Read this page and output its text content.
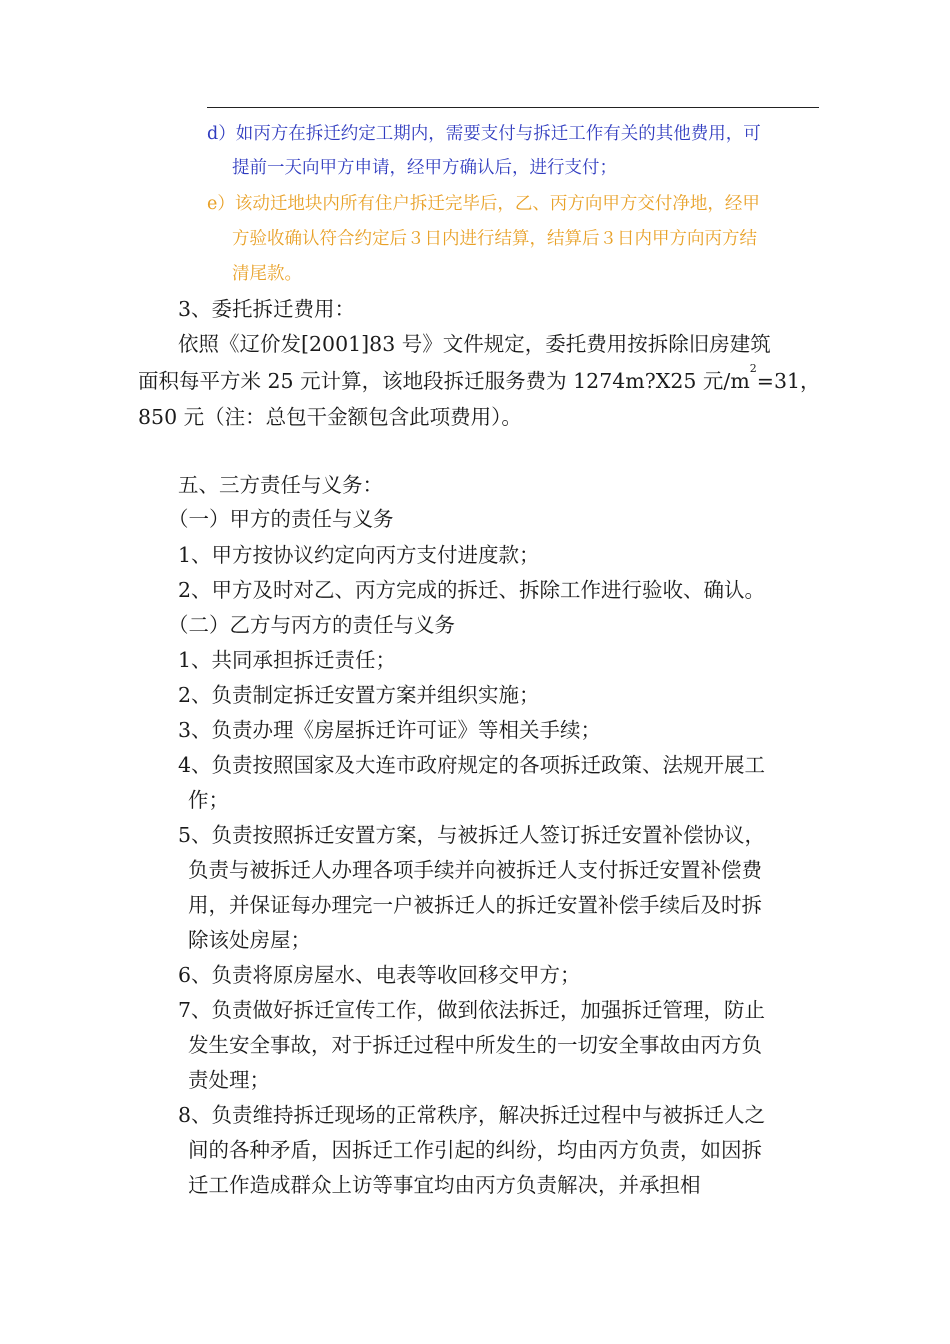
d）如丙方在拆迁约定工期内，需要支付与拆迁工作有关的其他费用，可
提前一天向甲方申请，经甲方确认后，进行支付；
e）该动迁地块内所有住户拆迁完毕后，乙、丙方向甲方交付净地，经甲
方验收确认符合约定后３日内进行结算，结算后３日内甲方向丙方结
清尾款。
3、委托拆迁费用：
依照《辽价发[2001]83 号》文件规定，委托费用按拆除旧房建筑
面积每平方米 25 元计算，该地段拆迁服务费为 1274m?X25 元$/m^2=31$，
850 元（注：总包干金额包含此项费用）。
五、三方责任与义务：
（一）甲方的责任与义务
1、甲方按协议约定向丙方支付进度款；
2、甲方及时对乙、丙方完成的拆迁、拆除工作进行验收、确认。
（二）乙方与丙方的责任与义务
1、共同承担拆迁责任；
2、负责制定拆迁安置方案并组织实施；
3、负责办理《房屋拆迁许可证》等相关手续；
4、负责按照国家及大连市政府规定的各项拆迁政策、法规开展工
作；
5、负责按照拆迁安置方案，与被拆迁人签订拆迁安置补偿协议，
负责与被拆迁人办理各项手续并向被拆迁人支付拆迁安置补偿费
用，并保证每办理完一户被拆迁人的拆迁安置补偿手续后及时拆
除该处房屋；
6、负责将原房屋水、电表等收回移交甲方；
7、负责做好拆迁宣传工作，做到依法拆迁，加强拆迁管理，防止
发生安全事故，对于拆迁过程中所发生的一切安全事故由丙方负
责处理；
8、负责维持拆迁现场的正常秩序，解决拆迁过程中与被拆迁人之
间的各种矛盾，因拆迁工作引起的纠纷，均由丙方负责，如因拆
迁工作造成群众上访等事宜均由丙方负责解决，并承担相
